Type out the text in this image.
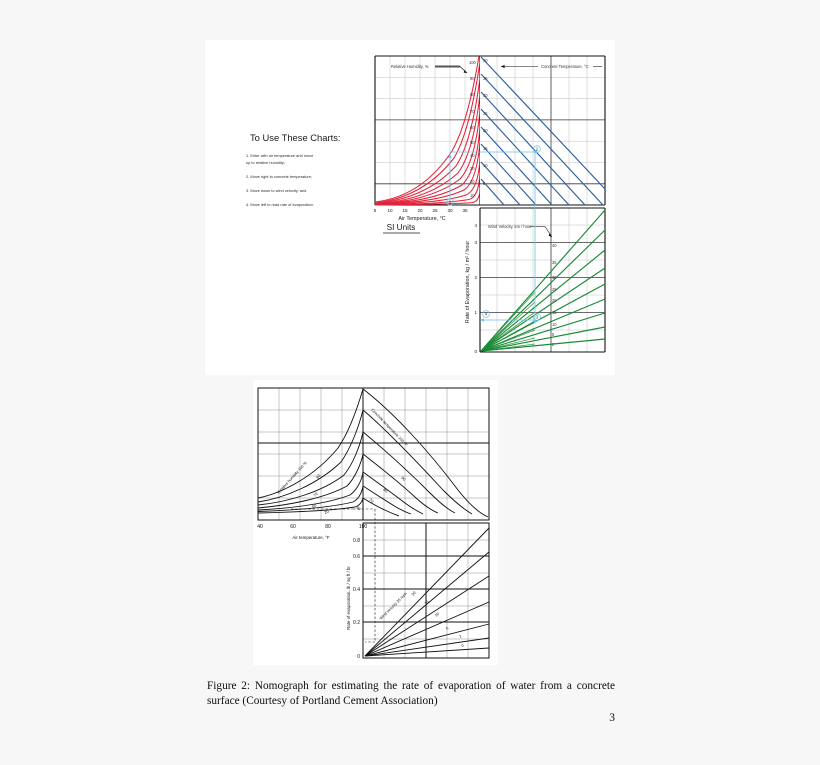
To Use These Charts:
1. Enter with air temperature and move
up to relative humidity;
2. Move right to concrete temperature;
3. Move down to wind velocity; and
4. Move left to read rate of evaporation.
SI Units
100
90
80
70
60
50
40
30
20
10
Relative Humidity, %
5 10 15 20 25 30 35
Air Temperature, °C
40
35
30
25
20
15
10
5
Concrete Temperature, °C
40
35
30
25
20
15
10
5
2
Wind Velocity, km / hour
0
1
2
3
4
Rate of Evaporation, kg / m² / hour
1
2
3
4
Relative humidity 100 % 80
70
60
20
Concrete temperature 100 °F
90
80
70
60
40	60	80	100
Air temperature, °F
Wind velocity 25 mph 20
15
10
5
2
0
0
0.2
0.4
0.6
0.8
Rate of evaporation, lb / sq ft / hr
Figure 2: Nomograph for estimating the rate of evaporation of water from a concrete surface (Courtesy of Portland Cement Association)
3
